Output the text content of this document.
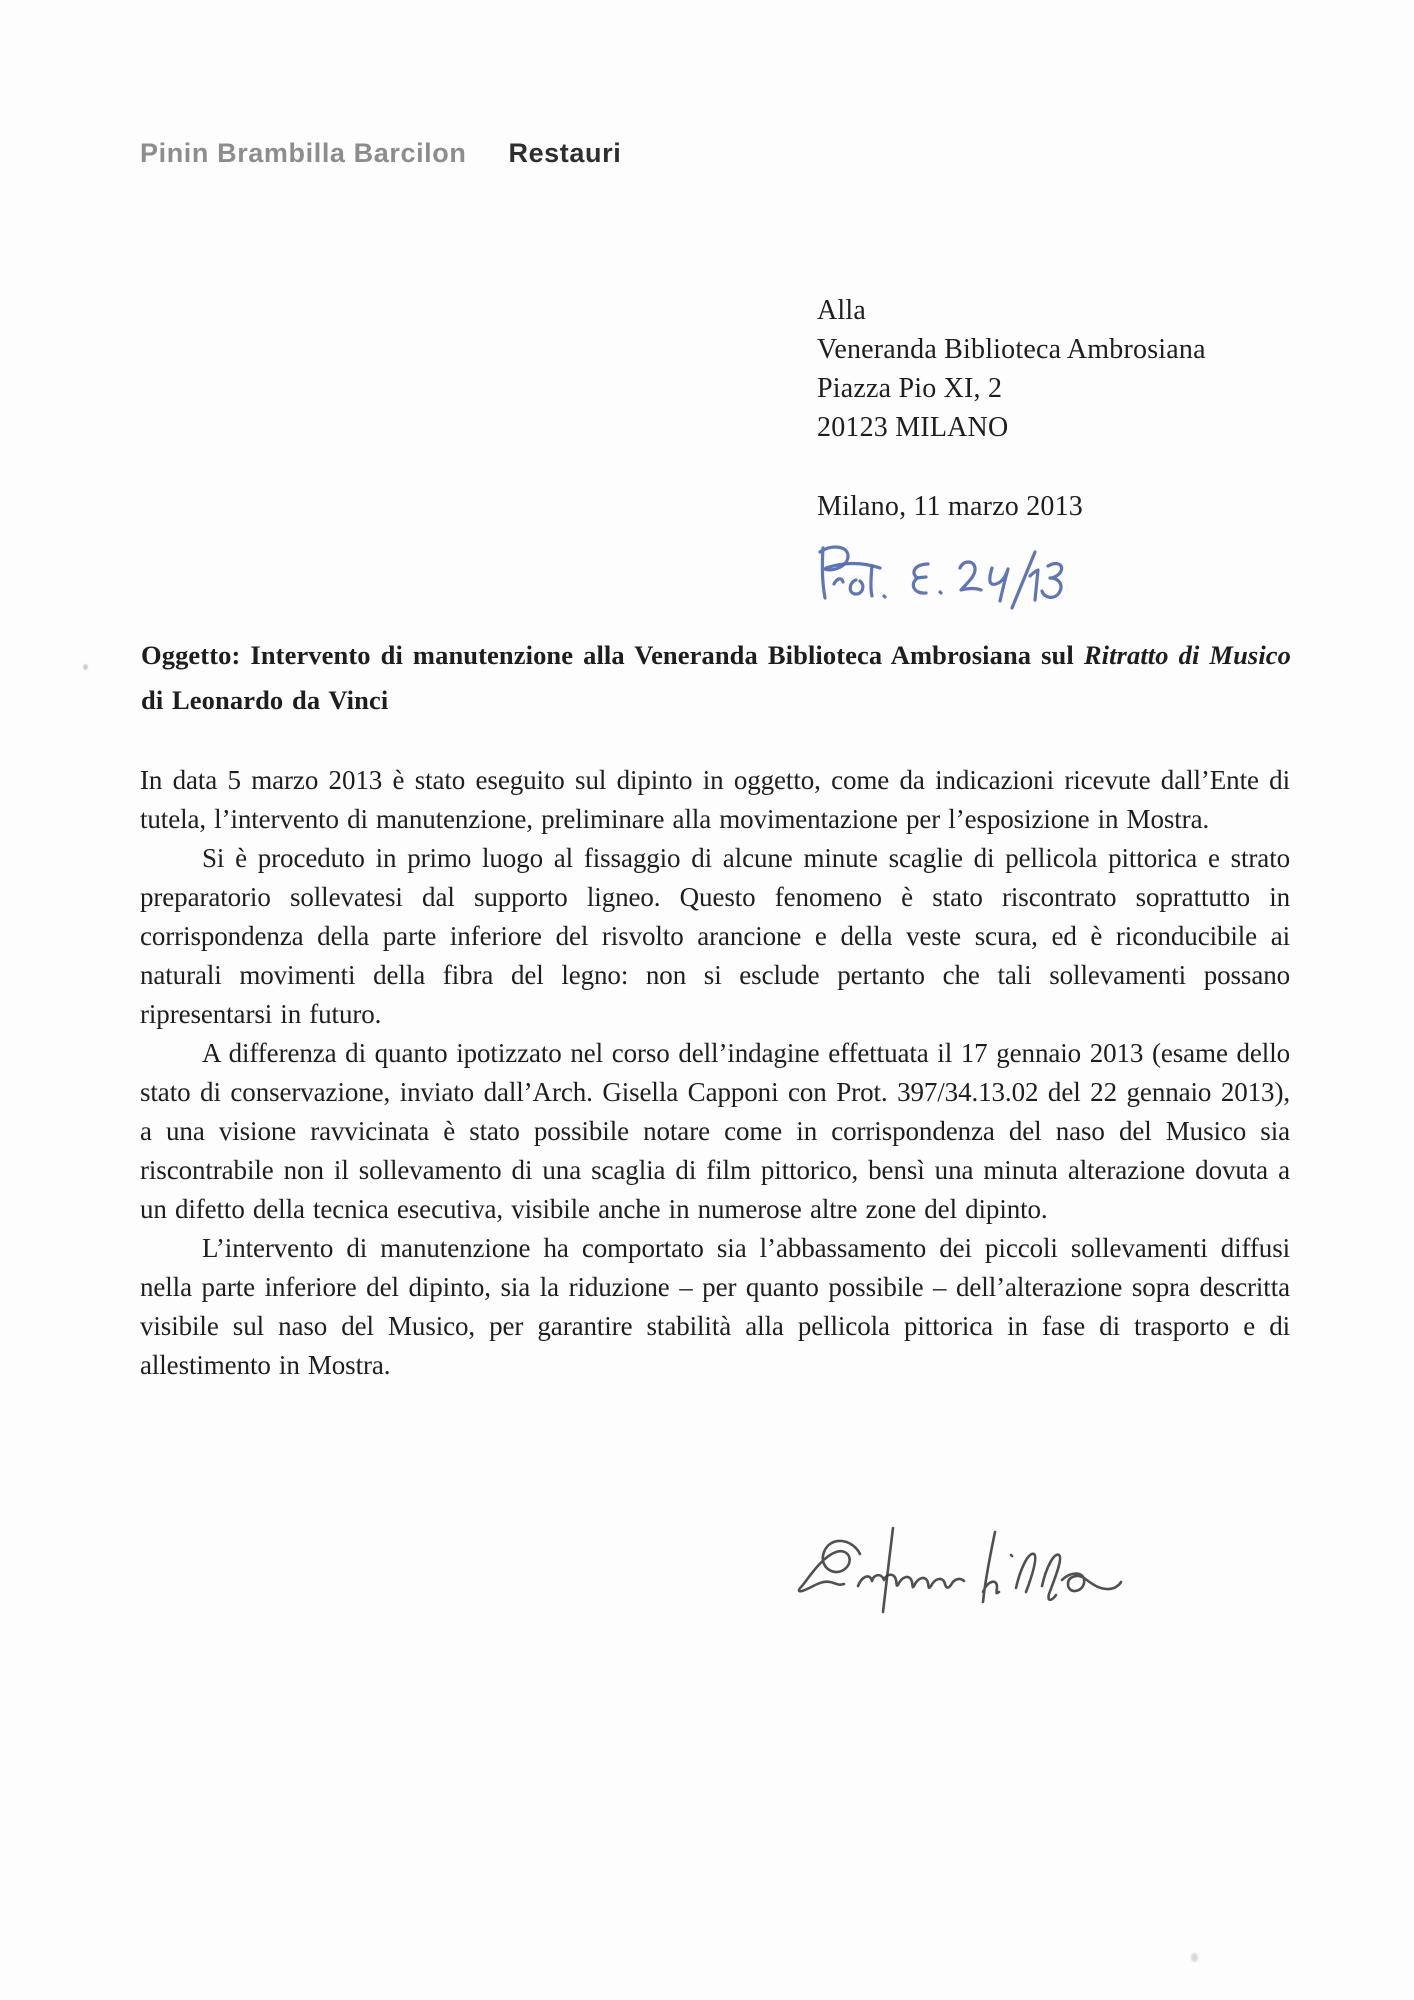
Pinin Brambilla Barcilon Restauri
Alla
Veneranda Biblioteca Ambrosiana
Piazza Pio XI, 2
20123 MILANO
Milano, 11 marzo 2013

Oggetto: Intervento di manutenzione alla Veneranda Biblioteca Ambrosiana sul Ritratto di Musico di Leonardo da Vinci

In data 5 marzo 2013 è stato eseguito sul dipinto in oggetto, come da indicazioni ricevute dall’Ente di tutela, l’intervento di manutenzione, preliminare alla movimentazione per l’esposizione in Mostra.

Si è proceduto in primo luogo al fissaggio di alcune minute scaglie di pellicola pittorica e strato preparatorio sollevatesi dal supporto ligneo. Questo fenomeno è stato riscontrato soprattutto in corrispondenza della parte inferiore del risvolto arancione e della veste scura, ed è riconducibile ai naturali movimenti della fibra del legno: non si esclude pertanto che tali sollevamenti possano ripresentarsi in futuro.

A differenza di quanto ipotizzato nel corso dell’indagine effettuata il 17 gennaio 2013 (esame dello stato di conservazione, inviato dall’Arch. Gisella Capponi con Prot. 397/34.13.02 del 22 gennaio 2013), a una visione ravvicinata è stato possibile notare come in corrispondenza del naso del Musico sia riscontrabile non il sollevamento di una scaglia di film pittorico, bensì una minuta alterazione dovuta a un difetto della tecnica esecutiva, visibile anche in numerose altre zone del dipinto.

L’intervento di manutenzione ha comportato sia l’abbassamento dei piccoli sollevamenti diffusi nella parte inferiore del dipinto, sia la riduzione – per quanto possibile – dell’alterazione sopra descritta visibile sul naso del Musico, per garantire stabilità alla pellicola pittorica in fase di trasporto e di allestimento in Mostra.
